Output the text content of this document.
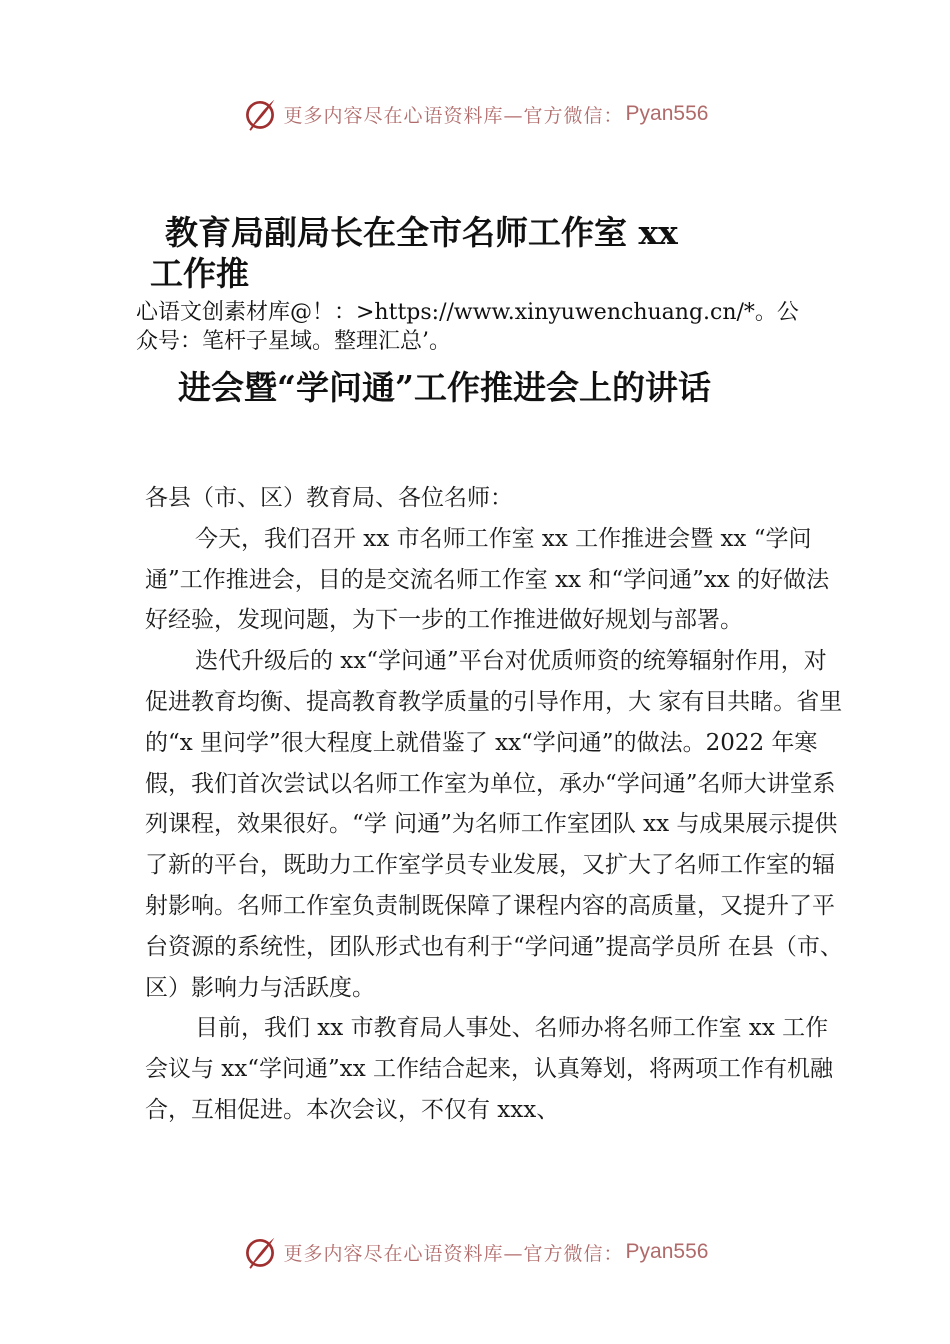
更多内容尽在心语资料库—官方微信： Pyan556
教育局副局长在全市名师工作室 xx
工作推
心语文创素材库@！：>https://www.xinyuwenchuang.cn/*。公
众号：笔杆子星域。整理汇总’。
进会暨“学问通”工作推进会上的讲话

各县（市、区）教育局、各位名师：

今天，我们召开 xx 市名师工作室 xx 工作推进会暨 xx “学问通”工作推进会，目的是交流名师工作室 xx 和“学问通”xx 的好做法好经验，发现问题，为下一步的工作推进做好规划与部署。

迭代升级后的 xx“学问通”平台对优质师资的统筹辐射作用，对促进教育均衡、提高教育教学质量的引导作用，大 家有目共睹。省里的“x 里问学”很大程度上就借鉴了 xx“学问通”的做法。2022 年寒假，我们首次尝试以名师工作室为单位，承办“学问通”名师大讲堂系列课程，效果很好。“学 问通”为名师工作室团队 xx 与成果展示提供了新的平台，既助力工作室学员专业发展，又扩大了名师工作室的辐射影响。名师工作室负责制既保障了课程内容的高质量，又提升了平 台资源的系统性，团队形式也有利于“学问通”提高学员所 在县（市、区）影响力与活跃度。

目前，我们 xx 市教育局人事处、名师办将名师工作室 xx 工作会议与 xx“学问通”xx 工作结合起来，认真筹划，将两项工作有机融合，互相促进。本次会议，不仅有 xxx、

更多内容尽在心语资料库—官方微信： Pyan556
